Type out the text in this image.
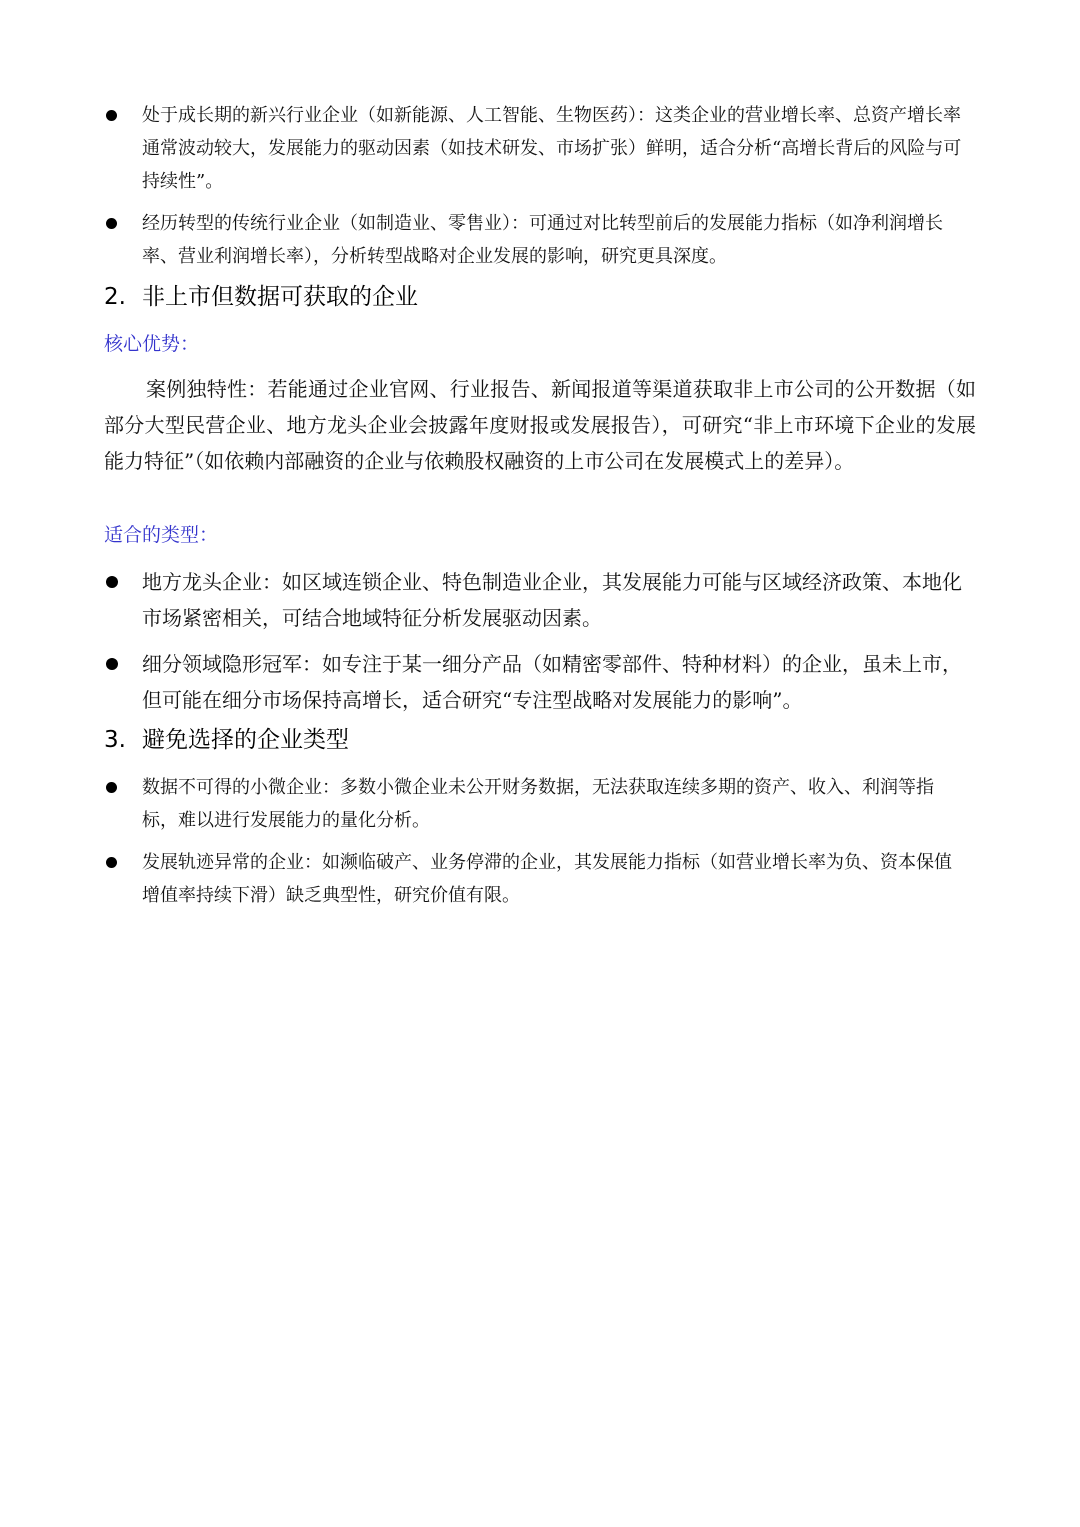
处于成长期的新兴行业企业（如新能源、人工智能、生物医药）：这类企业的营业增长率、总资产增长率通常波动较大，发展能力的驱动因素（如技术研发、市场扩张）鲜明，适合分析“高增长背后的风险与可持续性”。
经历转型的传统行业企业（如制造业、零售业）：可通过对比转型前后的发展能力指标（如净利润增长率、营业利润增长率），分析转型战略对企业发展的影响，研究更具深度。
2. 非上市但数据可获取的企业

核心优势：

案例独特性：若能通过企业官网、行业报告、新闻报道等渠道获取非上市公司的公开数据（如部分大型民营企业、地方龙头企业会披露年度财报或发展报告），可研究“非上市环境下企业的发展能力特征”（如依赖内部融资的企业与依赖股权融资的上市公司在发展模式上的差异）。

适合的类型：

地方龙头企业：如区域连锁企业、特色制造业企业，其发展能力可能与区域经济政策、本地化市场紧密相关，可结合地域特征分析发展驱动因素。
细分领域隐形冠军：如专注于某一细分产品（如精密零部件、特种材料）的企业，虽未上市，但可能在细分市场保持高增长，适合研究“专注型战略对发展能力的影响”。
3. 避免选择的企业类型
数据不可得的小微企业：多数小微企业未公开财务数据，无法获取连续多期的资产、收入、利润等指标，难以进行发展能力的量化分析。
发展轨迹异常的企业：如濒临破产、业务停滞的企业，其发展能力指标（如营业增长率为负、资本保值增值率持续下滑）缺乏典型性，研究价值有限。
